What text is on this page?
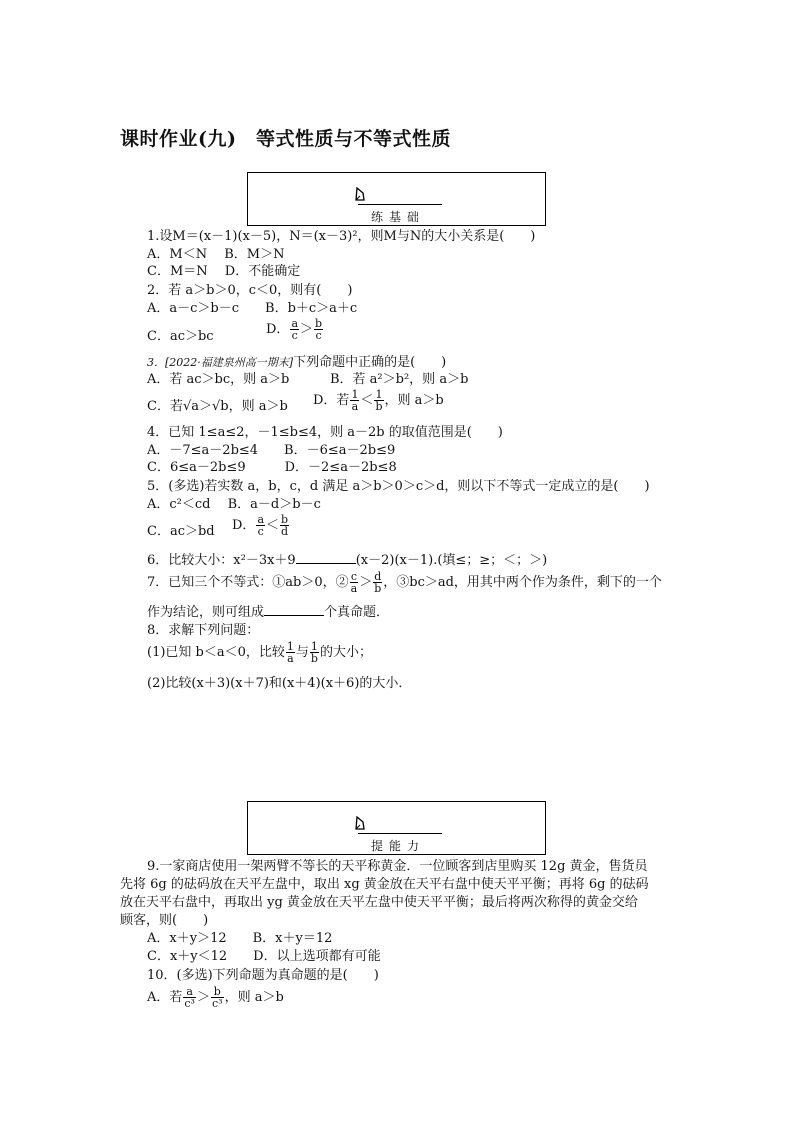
课时作业(九)　等式性质与不等式性质
练基础
1.设M＝(x－1)(x－5)，N＝(x－3)²，则M与N的大小关系是(　　)
A．M＜N　 B．M＞N
C．M＝N　 D．不能确定
2．若 a＞b＞0，c＜0，则有(　　)
A．a－c＞b－c　　B．b＋c＞a＋c
C．ac＞bc	D． $\frac{a}{c} > \frac{b}{c}$
3．[2022·福建泉州高一期末]下列命题中正确的是(　　)
A．若 ac＞bc，则 a＞b	B．若 a²＞b²，则 a＞b
C．若√a＞√b，则 a＞b D．若 $\frac{1}{a} < \frac{1}{b}$ ，则 a＞b
4．已知 1≤a≤2，－1≤b≤4，则 a－2b 的取值范围是(　　)
A．－7≤a－2b≤4　　B．－6≤a－2b≤9
C．6≤a－2b≤9　　　D．－2≤a－2b≤8
5．(多选)若实数 a，b，c，d 满足 a＞b＞0＞c＞d，则以下不等式一定成立的是(　　)
A．c²＜cd　 B．a－d＞b－c
C．ac＞bd D． $\frac{a}{c} < \frac{b}{d}$
6．比较大小：x²－3x＋9	(x－2)(x－1).(填≤；≥；＜；＞)
7．已知三个不等式：①ab＞0，② $\frac{c}{a} > \frac{d}{b}$ ，③bc＞ad，用其中两个作为条件，剩下的一个
作为结论，则可组成	个真命题．
8．求解下列问题：
(1)已知 b＜a＜0，比较 $\frac{1}{a}$ 与 $\frac{1}{b}$ 的大小；
(2)比较(x＋3)(x＋7)和(x＋4)(x＋6)的大小．
提能力
9.一家商店使用一架两臂不等长的天平称黄金．一位顾客到店里购买 12g 黄金，售货员
先将 6g 的砝码放在天平左盘中，取出 xg 黄金放在天平右盘中使天平平衡；再将 6g 的砝码
放在天平右盘中，再取出 yg 黄金放在天平左盘中使天平平衡；最后将两次称得的黄金交给
顾客，则(　　)
A．x＋y＞12　　B．x＋y＝12
C．x＋y＜12　　D．以上选项都有可能
10．(多选)下列命题为真命题的是(　　)
A．若 $\frac{a}{\text{c³}} > \frac{b}{\text{c³}}$ ，则 a＞b
